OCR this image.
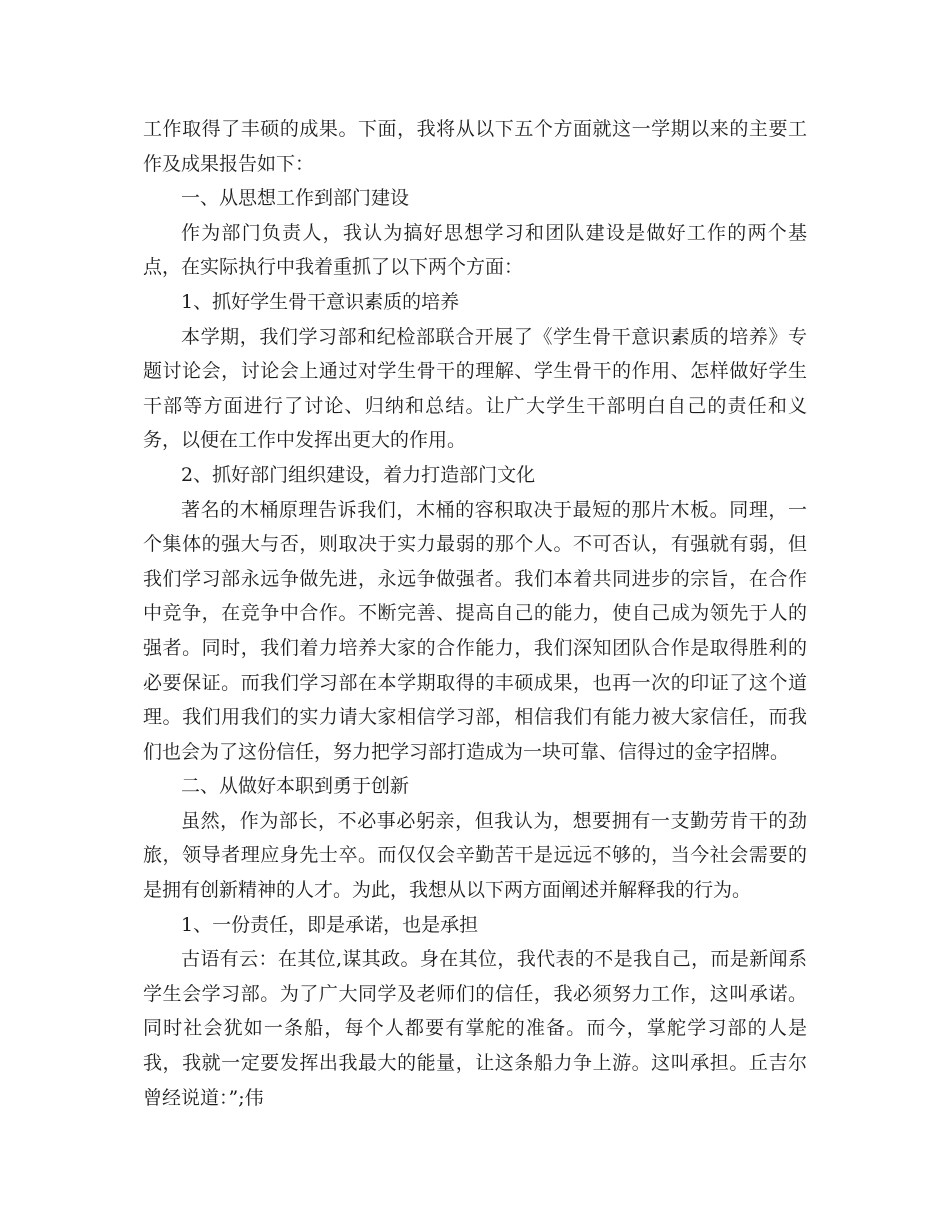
工作取得了丰硕的成果。下面，我将从以下五个方面就这一学期以来的主要工作及成果报告如下：

一、从思想工作到部门建设

作为部门负责人，我认为搞好思想学习和团队建设是做好工作的两个基点，在实际执行中我着重抓了以下两个方面：

1、抓好学生骨干意识素质的培养

本学期，我们学习部和纪检部联合开展了《学生骨干意识素质的培养》专题讨论会，讨论会上通过对学生骨干的理解、学生骨干的作用、怎样做好学生干部等方面进行了讨论、归纳和总结。让广大学生干部明白自己的责任和义务，以便在工作中发挥出更大的作用。

2、抓好部门组织建设，着力打造部门文化

著名的木桶原理告诉我们，木桶的容积取决于最短的那片木板。同理，一个集体的强大与否，则取决于实力最弱的那个人。不可否认，有强就有弱，但我们学习部永远争做先进，永远争做强者。我们本着共同进步的宗旨，在合作中竞争，在竞争中合作。不断完善、提高自己的能力，使自己成为领先于人的强者。同时，我们着力培养大家的合作能力，我们深知团队合作是取得胜利的必要保证。而我们学习部在本学期取得的丰硕成果，也再一次的印证了这个道理。我们用我们的实力请大家相信学习部，相信我们有能力被大家信任，而我们也会为了这份信任，努力把学习部打造成为一块可靠、信得过的金字招牌。

二、从做好本职到勇于创新

虽然，作为部长，不必事必躬亲，但我认为，想要拥有一支勤劳肯干的劲旅，领导者理应身先士卒。而仅仅会辛勤苦干是远远不够的，当今社会需要的是拥有创新精神的人才。为此，我想从以下两方面阐述并解释我的行为。

1、一份责任，即是承诺，也是承担

古语有云：在其位,谋其政。身在其位，我代表的不是我自己，而是新闻系学生会学习部。为了广大同学及老师们的信任，我必须努力工作，这叫承诺。同时社会犹如一条船，每个人都要有掌舵的准备。而今，掌舵学习部的人是我，我就一定要发挥出我最大的能量，让这条船力争上游。这叫承担。丘吉尔曾经说道：”;伟
